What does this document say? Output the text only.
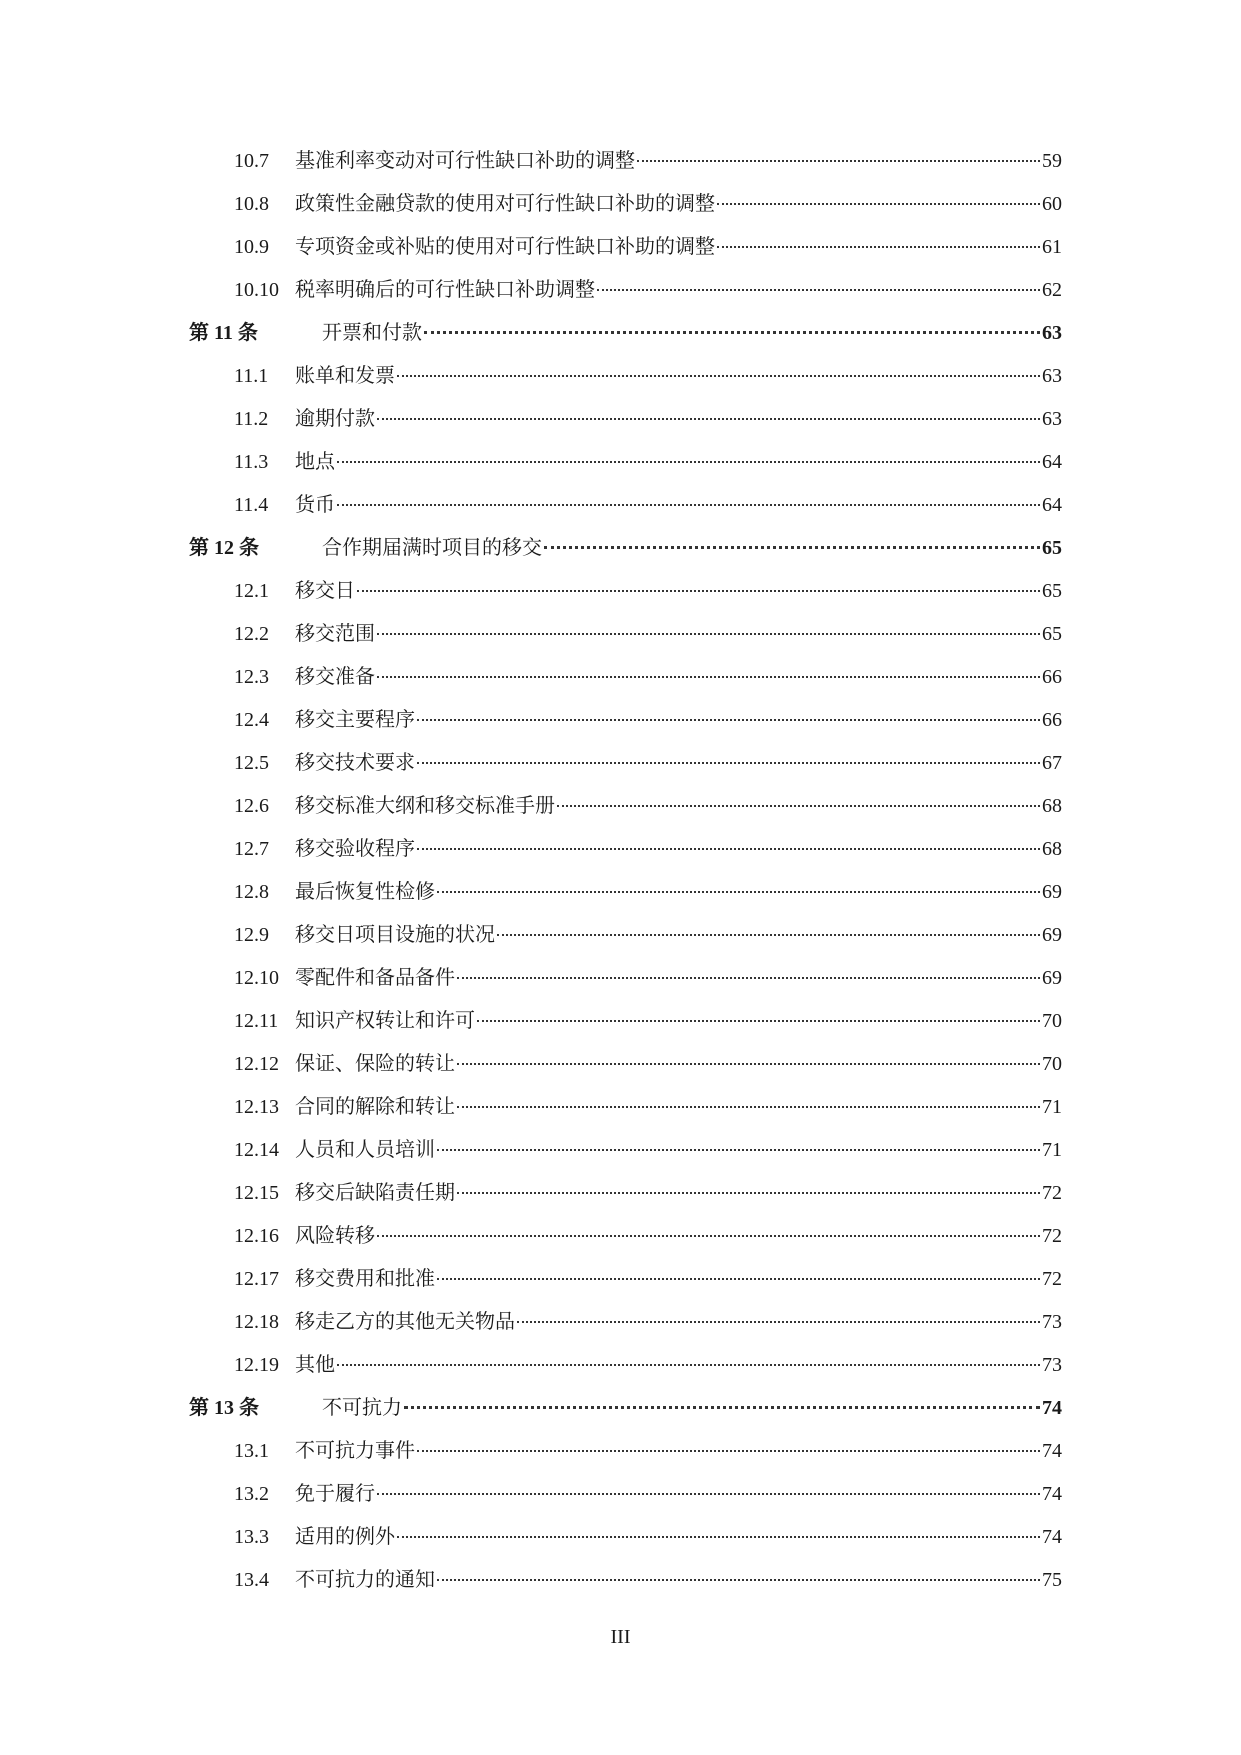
10.7	基准利率变动对可行性缺口补助的调整	59
10.8	政策性金融贷款的使用对可行性缺口补助的调整	60
10.9	专项资金或补贴的使用对可行性缺口补助的调整	61
10.10 税率明确后的可行性缺口补助调整	62
第 11 条	开票和付款	63
11.1	账单和发票	63
11.2	逾期付款	63
11.3	地点	64
11.4	货币	64
第 12 条	合作期届满时项目的移交	65
12.1	移交日	65
12.2	移交范围	65
12.3	移交准备	66
12.4	移交主要程序	66
12.5	移交技术要求	67
12.6	移交标准大纲和移交标准手册	68
12.7	移交验收程序	68
12.8	最后恢复性检修	69
12.9	移交日项目设施的状况	69
12.10 零配件和备品备件	69
12.11 知识产权转让和许可	70
12.12 保证、保险的转让	70
12.13 合同的解除和转让	71
12.14 人员和人员培训	71
12.15 移交后缺陷责任期	72
12.16 风险转移	72
12.17 移交费用和批准	72
12.18 移走乙方的其他无关物品	73
12.19 其他	73
第 13 条	不可抗力	74
13.1	不可抗力事件	74
13.2	免于履行	74
13.3	适用的例外	74
13.4	不可抗力的通知	75
III
